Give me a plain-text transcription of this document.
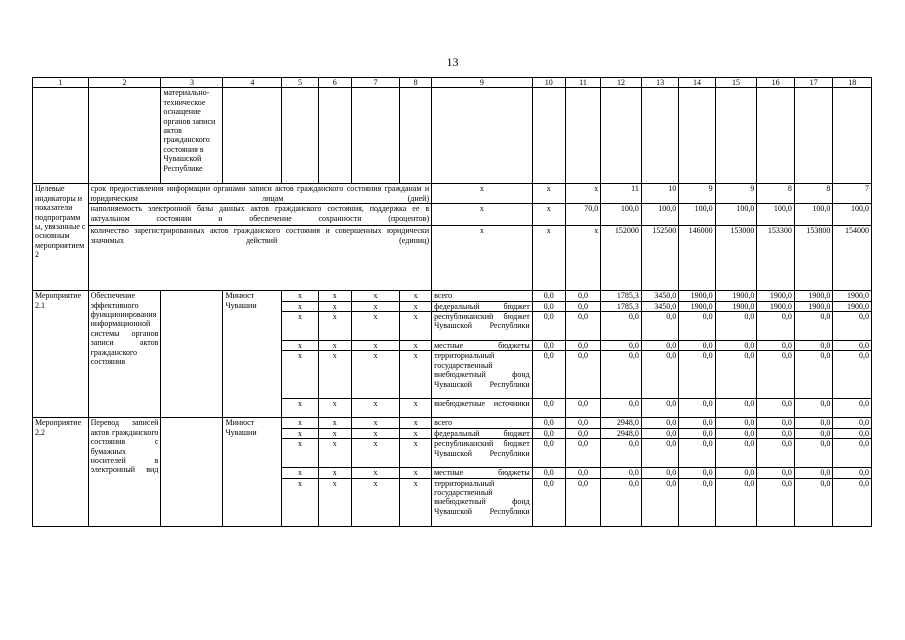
13
1	2	3	4	5	6	7	8	9	10	11	12	13	14	15	16	17	18
		материально-техническое оснащение органов записи актов гражданского состояния в Чувашской Республике															
Целевые индикаторы и показатели подпрограммы, увязанные с основным мероприятием 2	срок предоставления информации органами записи актов гражданского состояния гражданам и юридическим лицам (дней)							x	x	x	11	10	9	9	8	8	7
	наполняемость электронной базы данных актов гражданского состояния, поддержка ее в актуальном состоянии и обеспечение сохранности (процентов)							x	x	70,0	100,0	100,0	100,0	100,0	100,0	100,0	100,0
	количество зарегистрированных актов гражданского состояния и совершенных юридически значимых действий (единиц)							x	x	x	152000	152500	146000	153000	153300	153800	154000
Мероприятие 2.1	Обеспечение эффективного функционирования информационной системы органов записи актов гражданского состояния		Минюст Чувашии	x	x	x	x	всего	0,0	0,0	1785,3	3450,0	1900,0	1900,0	1900,0	1900,0	1900,0
				x	x	x	x	федеральный бюджет	0,0	0,0	1785,3	3450,0	1900,0	1900,0	1900,0	1900,0	1900,0
				x	x	x	x	республиканский бюджет Чувашской Республики	0,0	0,0	0,0	0,0	0,0	0,0	0,0	0,0	0,0
				x	x	x	x	местные бюджеты	0,0	0,0	0,0	0,0	0,0	0,0	0,0	0,0	0,0
				x	x	x	x	территориальный государственный внебюджетный фонд Чувашской Республики	0,0	0,0	0,0	0,0	0,0	0,0	0,0	0,0	0,0
				x	x	x	x	внебюджетные источники	0,0	0,0	0,0	0,0	0,0	0,0	0,0	0,0	0,0
Мероприятие 2.2	Перевод записей актов гражданского состояния с бумажных носителей в электронный вид		Минюст Чувашии	x	x	x	x	всего	0,0	0,0	2948,0	0,0	0,0	0,0	0,0	0,0	0,0
				x	x	x	x	федеральный бюджет	0,0	0,0	2948,0	0,0	0,0	0,0	0,0	0,0	0,0
				x	x	x	x	республиканский бюджет Чувашской Республики	0,0	0,0	0,0	0,0	0,0	0,0	0,0	0,0	0,0
				x	x	x	x	местные бюджеты	0,0	0,0	0,0	0,0	0,0	0,0	0,0	0,0	0,0
				x	x	x	x	территориальный государственный внебюджетный фонд Чувашской Республики	0,0	0,0	0,0	0,0	0,0	0,0	0,0	0,0	0,0
